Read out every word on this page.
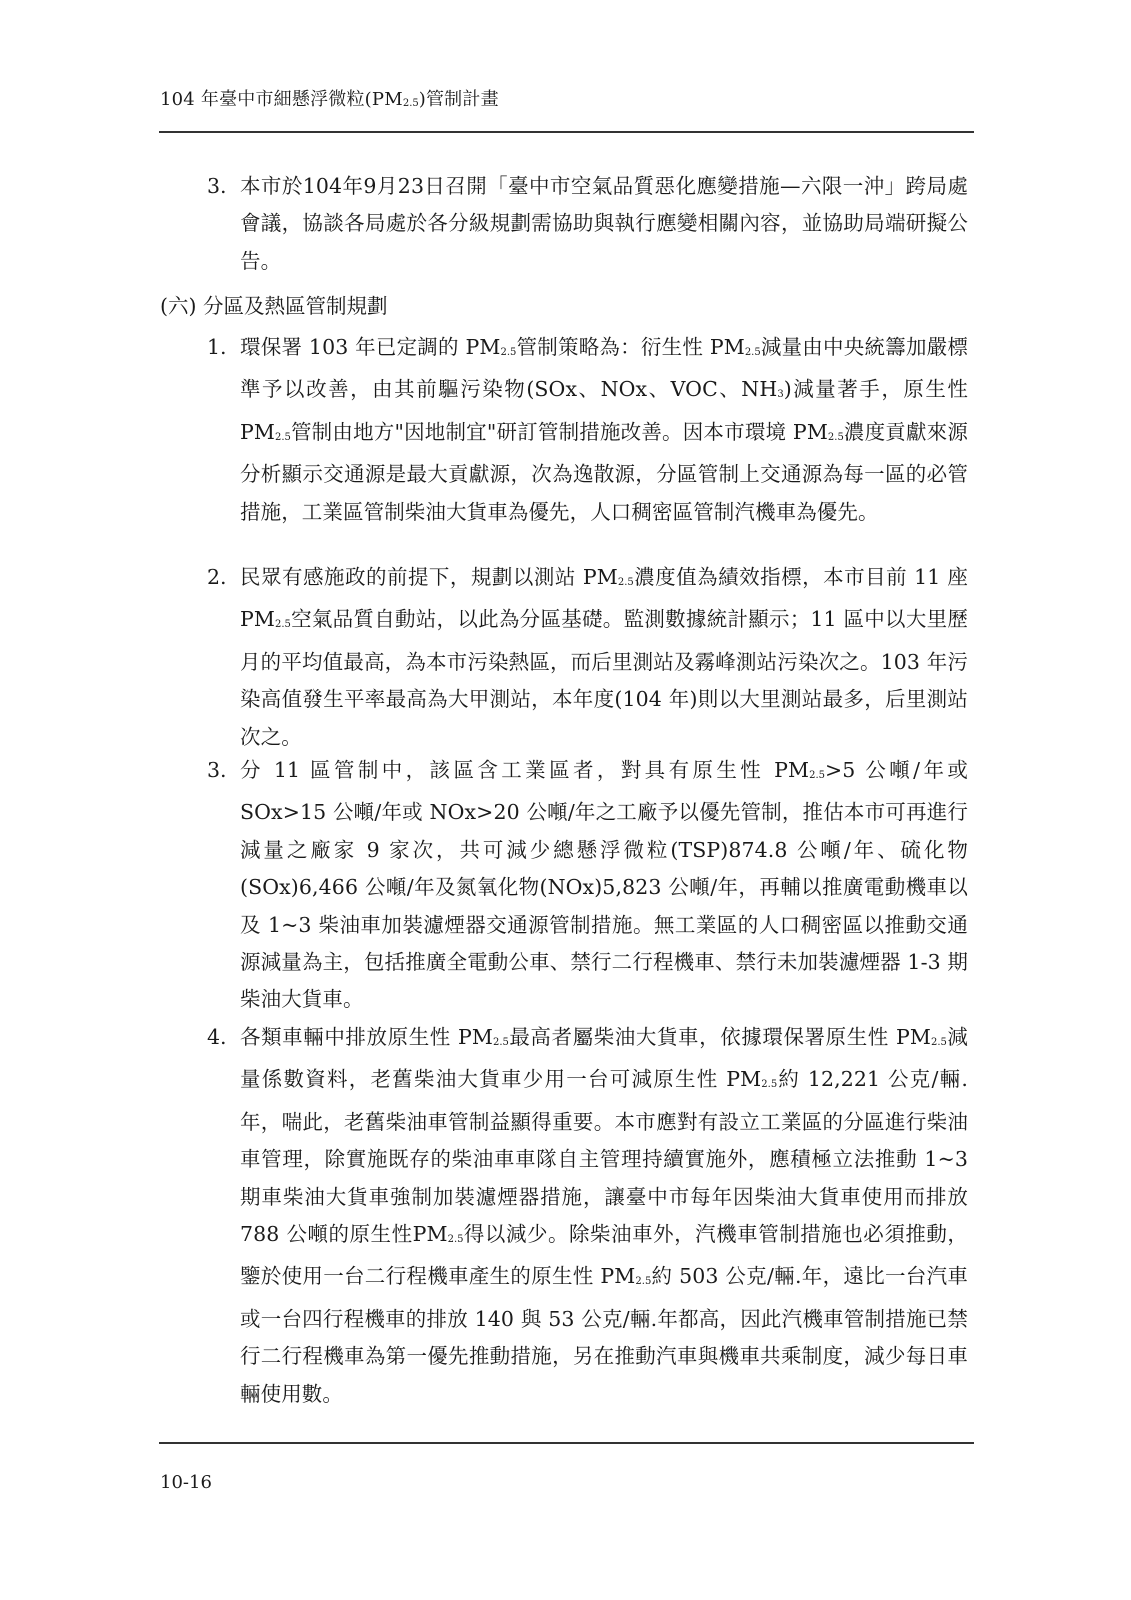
104 年臺中市細懸浮微粒$(PM_{2.5})$管制計畫
3. 本市於104年9月23日召開「臺中市空氣品質惡化應變措施—六限一沖」跨局處會議，協談各局處於各分級規劃需協助與執行應變相關內容，並協助局端研擬公告。
(六) 分區及熱區管制規劃
1. 環保署 103 年已定調的 $PM_{2.5}$管制策略為：衍生性 $PM_{2.5}$減量由中央統籌加嚴標準予以改善，由其前驅污染物(SOx、NOx、VOC、$NH_3$)減量著手，原生性 $PM_{2.5}$管制由地方"因地制宜"研訂管制措施改善。因本市環境 $PM_{2.5}$濃度貢獻來源分析顯示交通源是最大貢獻源，次為逸散源，分區管制上交通源為每一區的必管措施，工業區管制柴油大貨車為優先，人口稠密區管制汽機車為優先。
2. 民眾有感施政的前提下，規劃以測站 $PM_{2.5}$濃度值為績效指標，本市目前 11 座 $PM_{2.5}$空氣品質自動站，以此為分區基礎。監測數據統計顯示；11 區中以大里歷月的平均值最高，為本市污染熱區，而后里測站及霧峰測站污染次之。103 年污染高值發生平率最高為大甲測站，本年度(104 年)則以大里測站最多，后里測站次之。
3. 分 11 區管制中，該區含工業區者，對具有原生性 $PM_{2.5}>5$ 公噸/年或 SOx>15 公噸/年或 NOx>20 公噸/年之工廠予以優先管制，推估本市可再進行減量之廠家 9 家次，共可減少總懸浮微粒(TSP)874.8 公噸/年、硫化物(SOx)6,466 公噸/年及氮氧化物(NOx)5,823 公噸/年，再輔以推廣電動機車以及 1~3 柴油車加裝濾煙器交通源管制措施。無工業區的人口稠密區以推動交通源減量為主，包括推廣全電動公車、禁行二行程機車、禁行未加裝濾煙器 1-3 期柴油大貨車。
4. 各類車輛中排放原生性 $PM_{2.5}$最高者屬柴油大貨車，依據環保署原生性 $PM_{2.5}$減量係數資料，老舊柴油大貨車少用一台可減原生性 $PM_{2.5}$約 12,221 公克/輛.年，喘此，老舊柴油車管制益顯得重要。本市應對有設立工業區的分區進行柴油車管理，除實施既存的柴油車車隊自主管理持續實施外，應積極立法推動 1~3 期車柴油大貨車強制加裝濾煙器措施，讓臺中市每年因柴油大貨車使用而排放 788 公噸的原生性$PM_{2.5}$得以減少。除柴油車外，汽機車管制措施也必須推動，鑒於使用一台二行程機車產生的原生性 $PM_{2.5}$約 503 公克/輛.年，遠比一台汽車或一台四行程機車的排放 140 與 53 公克/輛.年都高，因此汽機車管制措施已禁行二行程機車為第一優先推動措施，另在推動汽車與機車共乘制度，減少每日車輛使用數。
10-16
